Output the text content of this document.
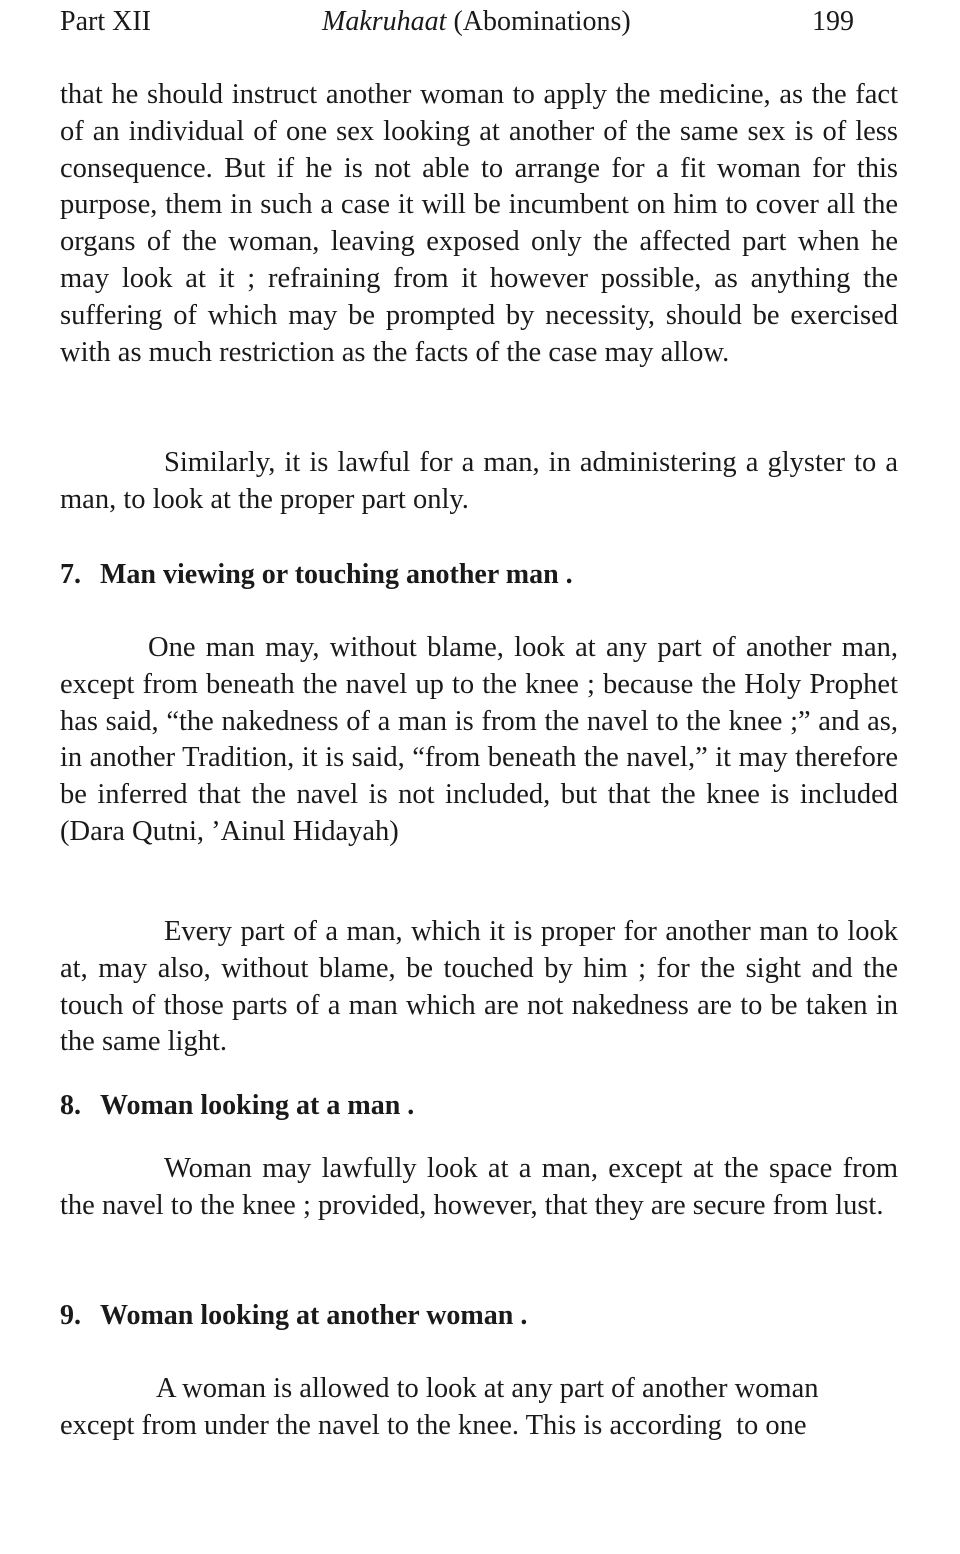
Part XII	Makruhaat (Abominations)	199
that he should instruct another woman to apply the medicine, as the fact of an individual of one sex looking at another of the same sex is of less consequence. But if he is not able to arrange for a fit woman for this purpose, them in such a case it will be incumbent on him to cover all the organs of the woman, leaving exposed only the affected part when he may look at it ; refraining from it however possible, as anything the suffering of which may be prompted by necessity, should be exercised with as much restriction as the facts of the case may allow.
Similarly, it is lawful for a man, in administering a glyster to a man, to look at the proper part only.
7. Man viewing or touching another man .
One man may, without blame, look at any part of another man, except from beneath the navel up to the knee ; because the Holy Prophet has said, “the nakedness of a man is from the navel to the knee ;” and as, in another Tradition, it is said, “from beneath the navel,” it may therefore be inferred that the navel is not included, but that the knee is included (Dara Qutni, ’Ainul Hidayah)
Every part of a man, which it is proper for another man to look at, may also, without blame, be touched by him ; for the sight and the touch of those parts of a man which are not nakedness are to be taken in the same light.
8. Woman looking at a man .
Woman may lawfully look at a man, except at the space from the navel to the knee ; provided, however, that they are secure from lust.
9. Woman looking at another woman .
A woman is allowed to look at any part of another woman
except from under the navel to the knee. This is according  to one
